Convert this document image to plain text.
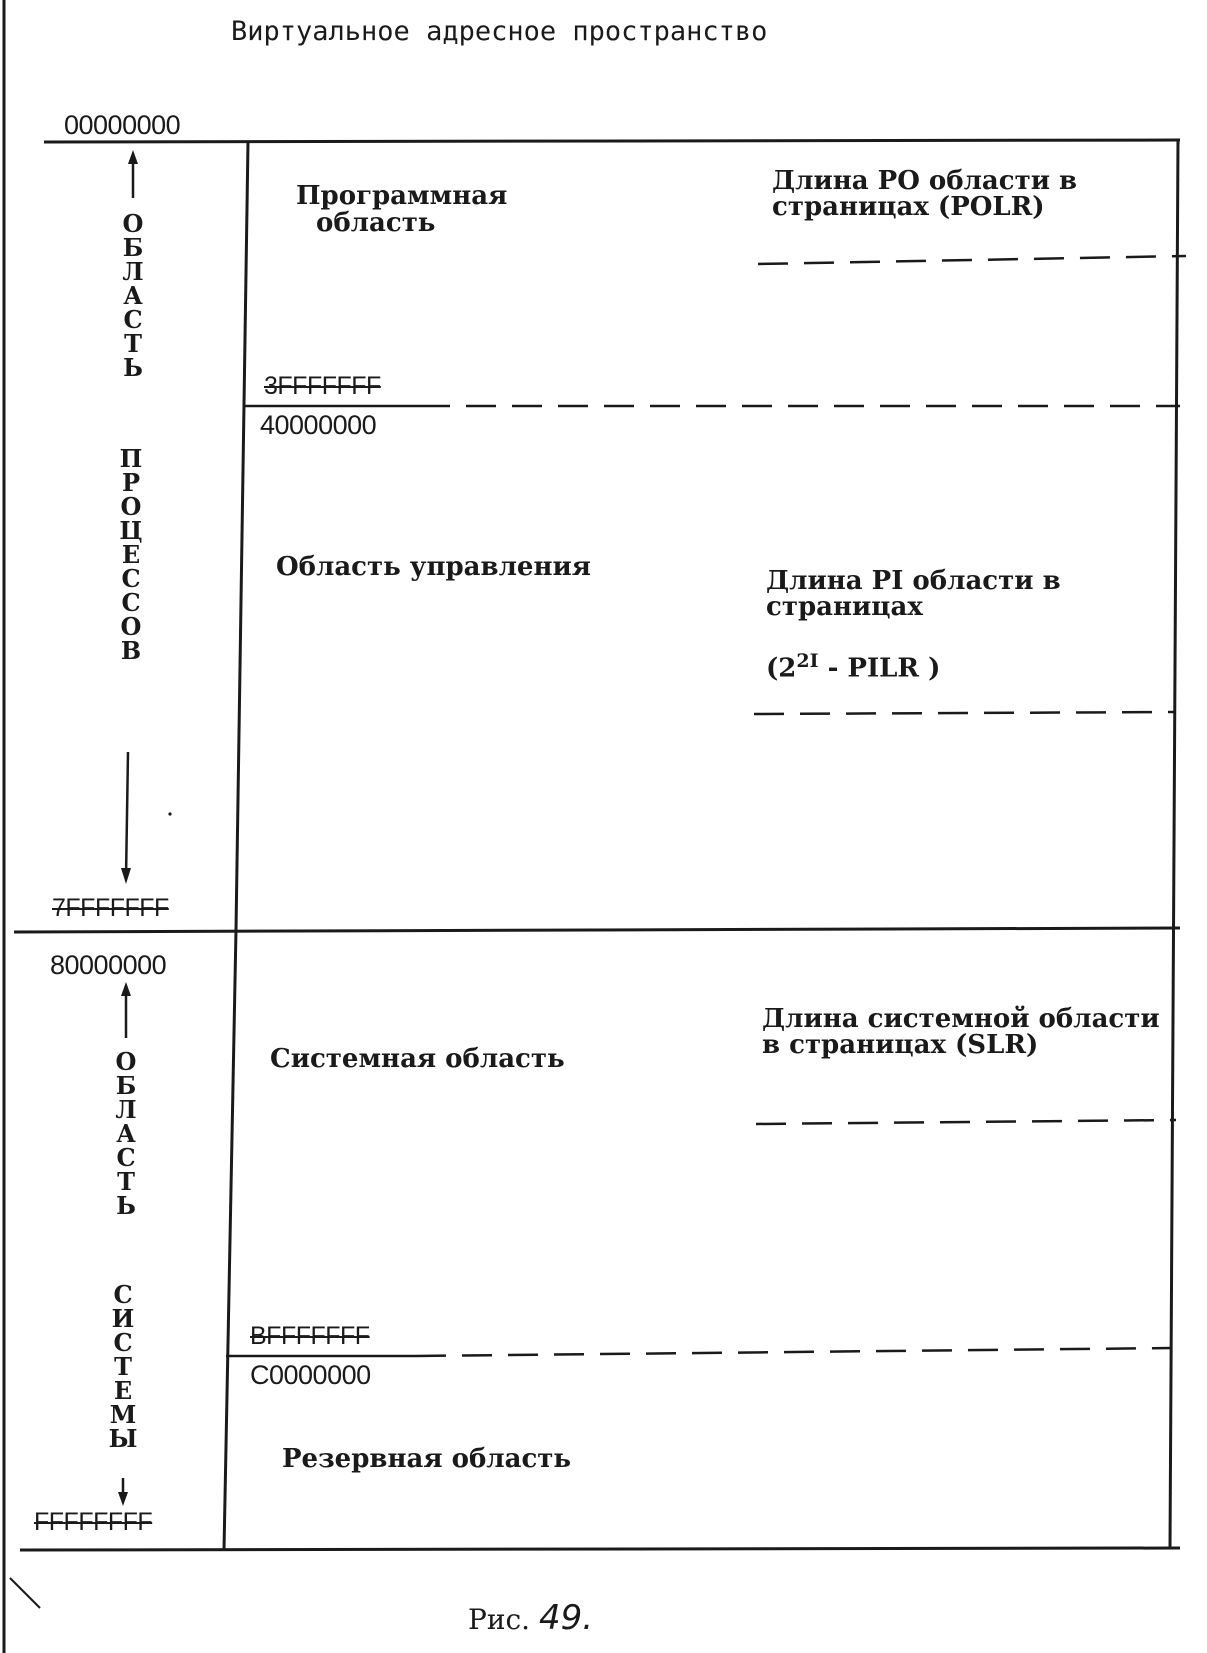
Виртуальное адресное пространство
00000000
3FFFFFFF
40000000
7FFFFFFF
80000000
BFFFFFFF
C0000000
FFFFFFFF
О
Б
Л
А
С
Т
Ь
П
Р
О
Ц
Е
С
С
О
В
О
Б
Л
А
С
Т
Ь
С
И
С
Т
Е
М
Ы
Программная
область
Область управления
Системная область
Резервная область
Длина PO области в
страницах (POLR)
Длина PI области в
страницах
($2^{2I}$ - PILR )
Длина системной области
в страницах (SLR)
Рис. 49.
